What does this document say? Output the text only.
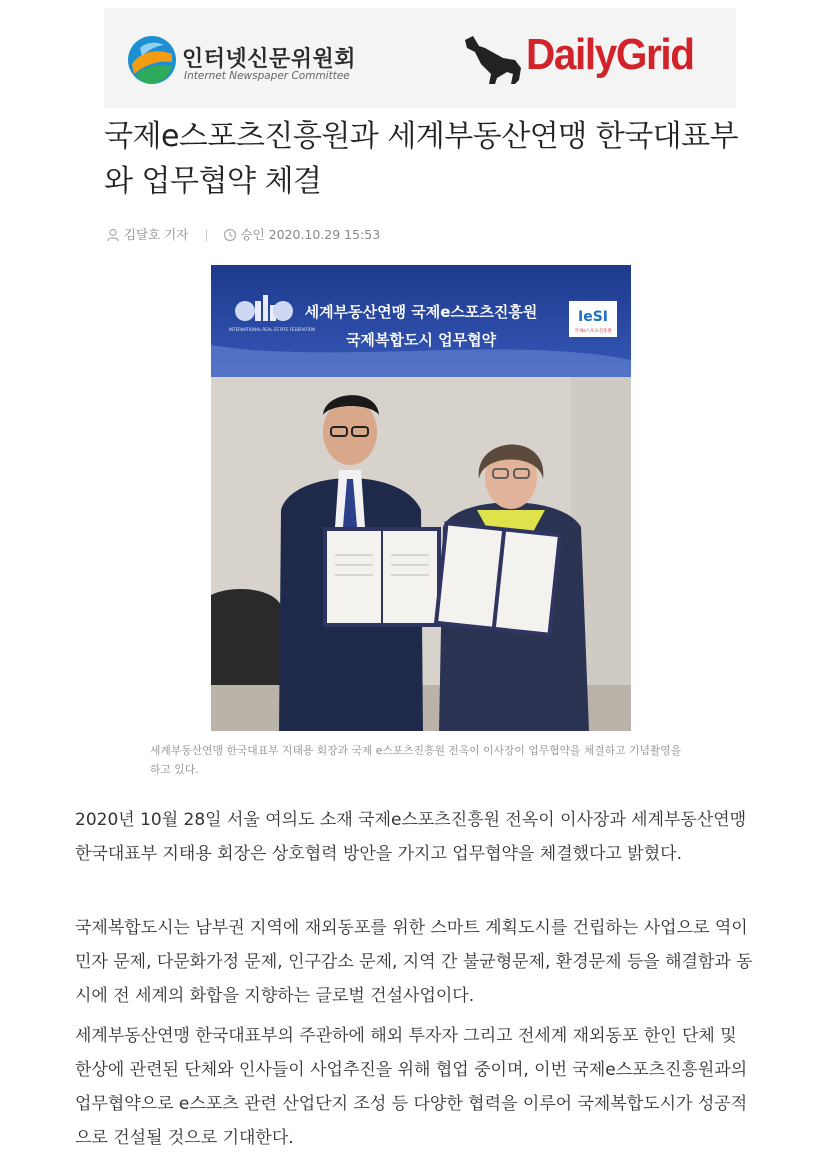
인터넷신문위원회
Internet Newspaper Committee	DailyGrid
국제e스포츠진흥원과 세계부동산연맹 한국대표부와 업무협약 체결
김달호 기자 |	승인 2020.10.29 15:53
INTERNATIONAL REAL ESTATE FEDERATION
세계부동산연맹 국제e스포츠진흥원
국제복합도시 업무협약
IeSI
국제e스포츠진흥원
세계부동산연맹 한국대표부 지태용 회장과 국제 e스포츠진흥원 전옥이 이사장이 업무협약을 체결하고 기념촬영을 하고 있다.

2020년 10월 28일 서울 여의도 소재 국제e스포츠진흥원 전옥이 이사장과 세계부동산연맹 한국대표부 지태용 회장은 상호협력 방안을 가지고 업무협약을 체결했다고 밝혔다.

국제복합도시는 남부권 지역에 재외동포를 위한 스마트 계획도시를 건립하는 사업으로 역이민자 문제, 다문화가정 문제, 인구감소 문제, 지역 간 불균형문제, 환경문제 등을 해결함과 동시에 전 세계의 화합을 지향하는 글로벌 건설사업이다.

세계부동산연맹 한국대표부의 주관하에 해외 투자자 그리고 전세계 재외동포 한인 단체 및 한상에 관련된 단체와 인사들이 사업추진을 위해 협업 중이며, 이번 국제e스포츠진흥원과의 업무협약으로 e스포츠 관련 산업단지 조성 등 다양한 협력을 이루어 국제복합도시가 성공적으로 건설될 것으로 기대한다.
